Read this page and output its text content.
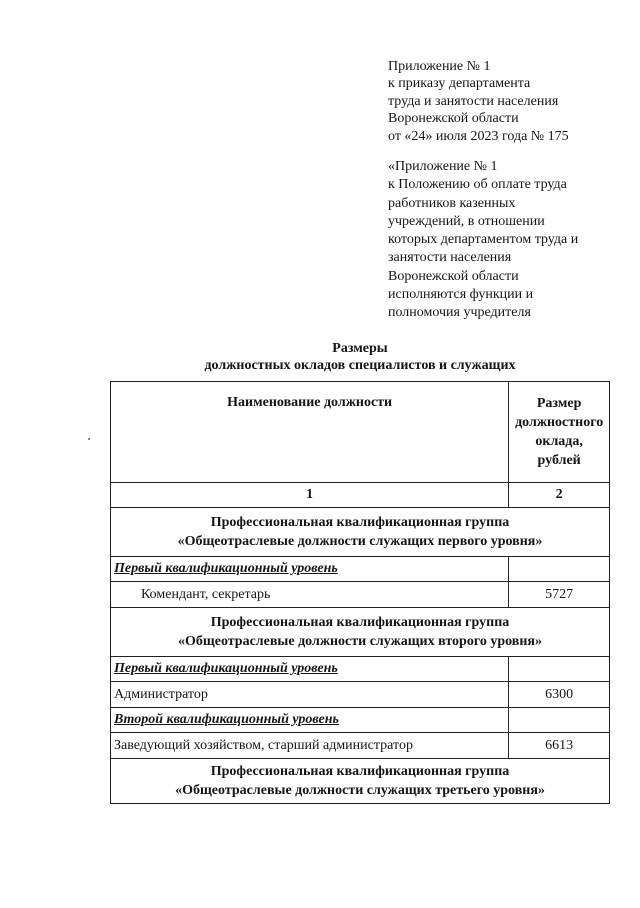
Приложение № 1
к приказу департамента
труда и занятости населения
Воронежской области
от «24» июля 2023 года № 175
«Приложение № 1
к Положению об оплате труда
работников казенных
учреждений, в отношении
которых департаментом труда и
занятости населения
Воронежской области
исполняются функции и
полномочия учредителя
Размеры
должностных окладов специалистов и служащих
Наименование должности	Размер
должностного
оклада,
рублей

1	2

Профессиональная квалификационная группа
«Общеотраслевые должности служащих первого уровня»	

Первый квалификационный уровень	
Комендант, секретарь	5727

Профессиональная квалификационная группа
«Общеотраслевые должности служащих второго уровня»	

Первый квалификационный уровень	
Администратор	6300
Второй квалификационный уровень	
Заведующий хозяйством, старший администратор	6613

Профессиональная квалификационная группа
«Общеотраслевые должности служащих третьего уровня»	
